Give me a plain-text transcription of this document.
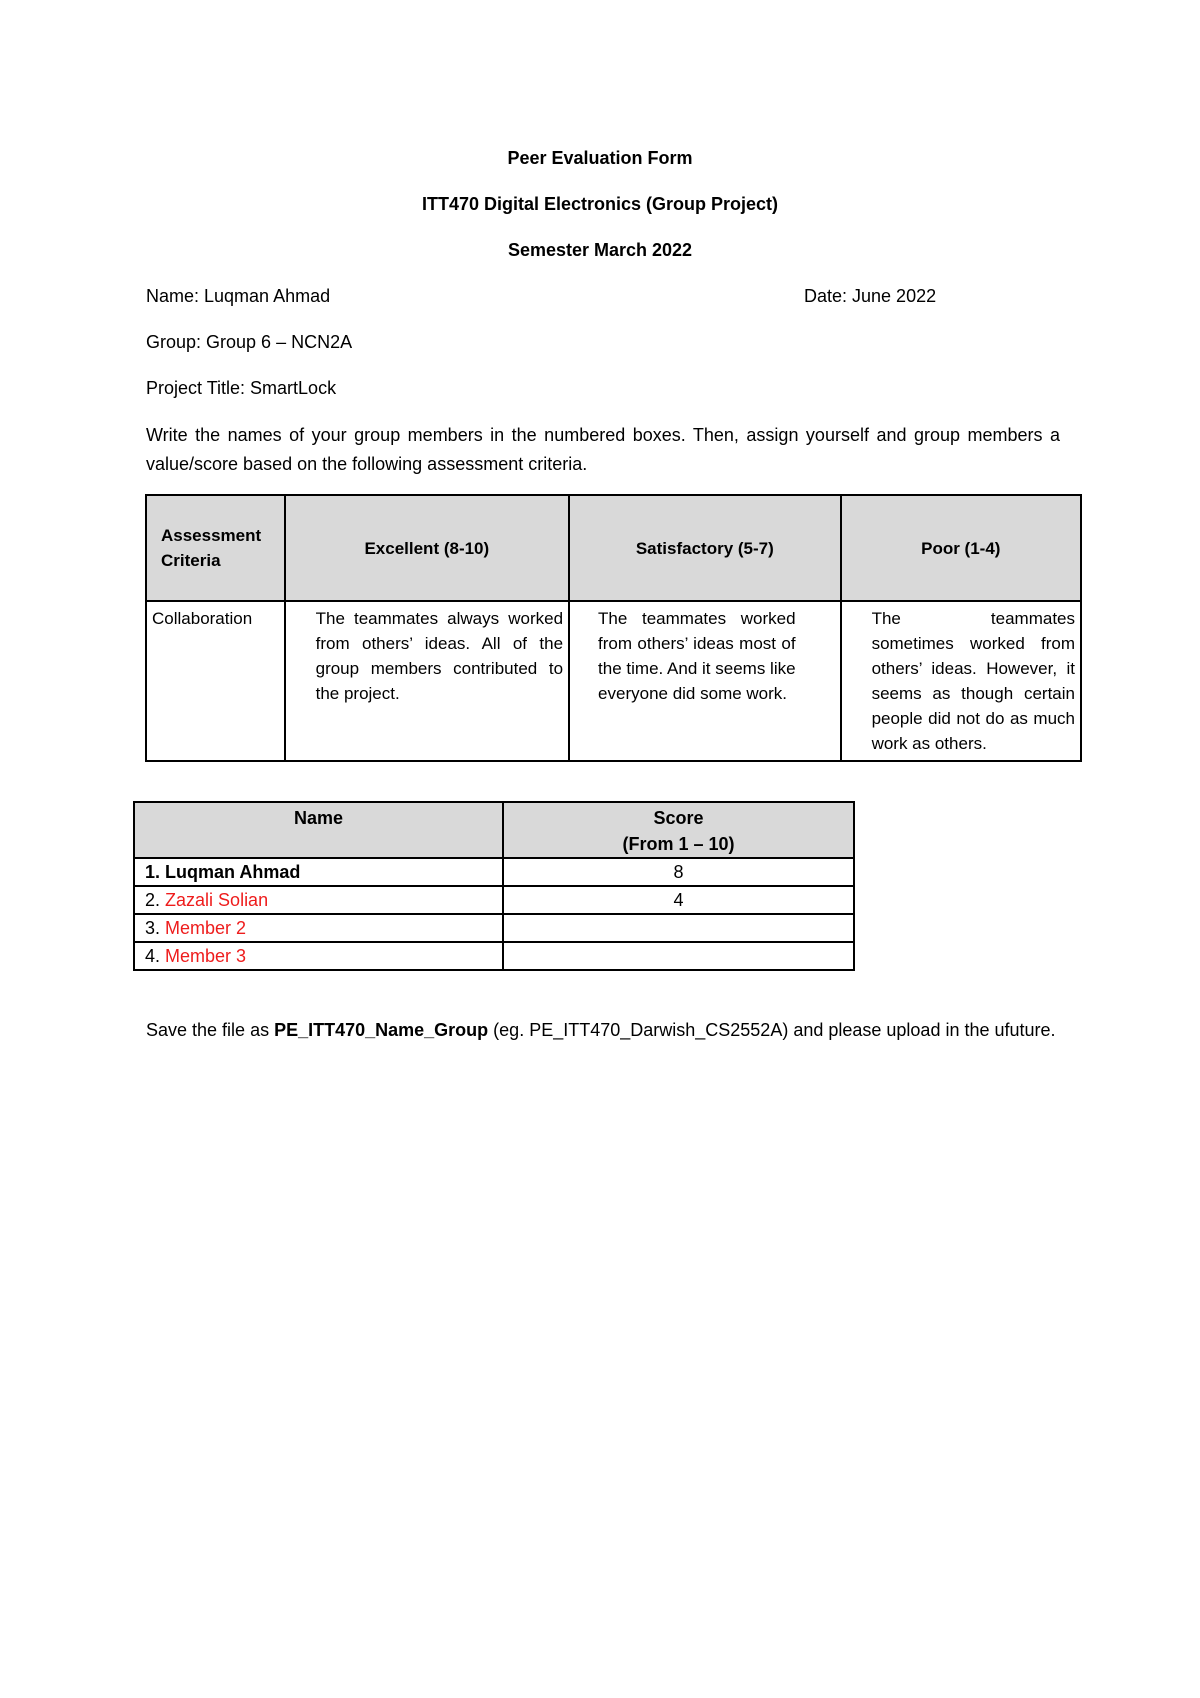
Peer Evaluation Form
ITT470 Digital Electronics (Group Project)
Semester March 2022
Name: Luqman Ahmad	Date: June 2022
Group: Group 6 – NCN2A
Project Title: SmartLock
Write the names of your group members in the numbered boxes. Then, assign yourself and group members a value/score based on the following assessment criteria.
Assessment Criteria	Excellent (8-10)	Satisfactory (5-7)	Poor (1-4)
Collaboration	The teammates always worked from others’ ideas. All of the group members contributed to the project.	The teammates worked from others’ ideas most of the time. And it seems like everyone did some work.	The teammates sometimes worked from others’ ideas. However, it seems as though certain people did not do as much work as others.
Name	Score
(From 1 – 10)

1. Luqman Ahmad	8
2. Zazali Solian	4
3. Member 2	
4. Member 3	
Save the file as PE_ITT470_Name_Group (eg. PE_ITT470_Darwish_CS2552A) and please upload in the ufuture.
